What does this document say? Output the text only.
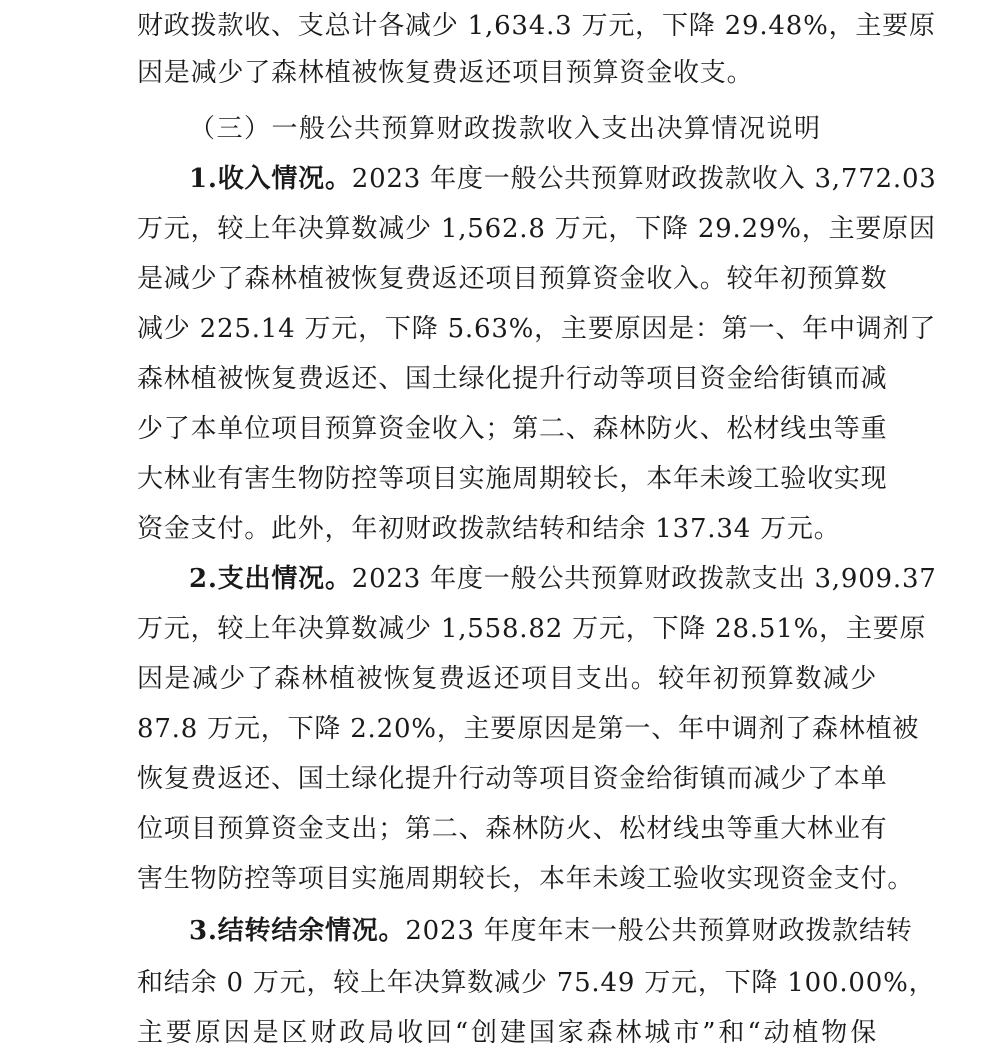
财政拨款收、支总计各减少 1,634.3 万元，下降 29.48%，主要原
因是减少了森林植被恢复费返还项目预算资金收支。
（三）一般公共预算财政拨款收入支出决算情况说明
1.收入情况。2023 年度一般公共预算财政拨款收入 3,772.03
万元，较上年决算数减少 1,562.8 万元，下降 29.29%，主要原因
是减少了森林植被恢复费返还项目预算资金收入。较年初预算数
减少 225.14 万元，下降 5.63%，主要原因是：第一、年中调剂了
森林植被恢复费返还、国土绿化提升行动等项目资金给街镇而减
少了本单位项目预算资金收入；第二、森林防火、松材线虫等重
大林业有害生物防控等项目实施周期较长，本年未竣工验收实现
资金支付。此外，年初财政拨款结转和结余 137.34 万元。
2.支出情况。2023 年度一般公共预算财政拨款支出 3,909.37
万元，较上年决算数减少 1,558.82 万元，下降 28.51%，主要原
因是减少了森林植被恢复费返还项目支出。较年初预算数减少
87.8 万元，下降 2.20%，主要原因是第一、年中调剂了森林植被
恢复费返还、国土绿化提升行动等项目资金给街镇而减少了本单
位项目预算资金支出；第二、森林防火、松材线虫等重大林业有
害生物防控等项目实施周期较长，本年未竣工验收实现资金支付。
3.结转结余情况。2023 年度年末一般公共预算财政拨款结转
和结余 0 万元，较上年决算数减少 75.49 万元，下降 100.00%，
主要原因是区财政局收回“创建国家森林城市”和“动植物保
